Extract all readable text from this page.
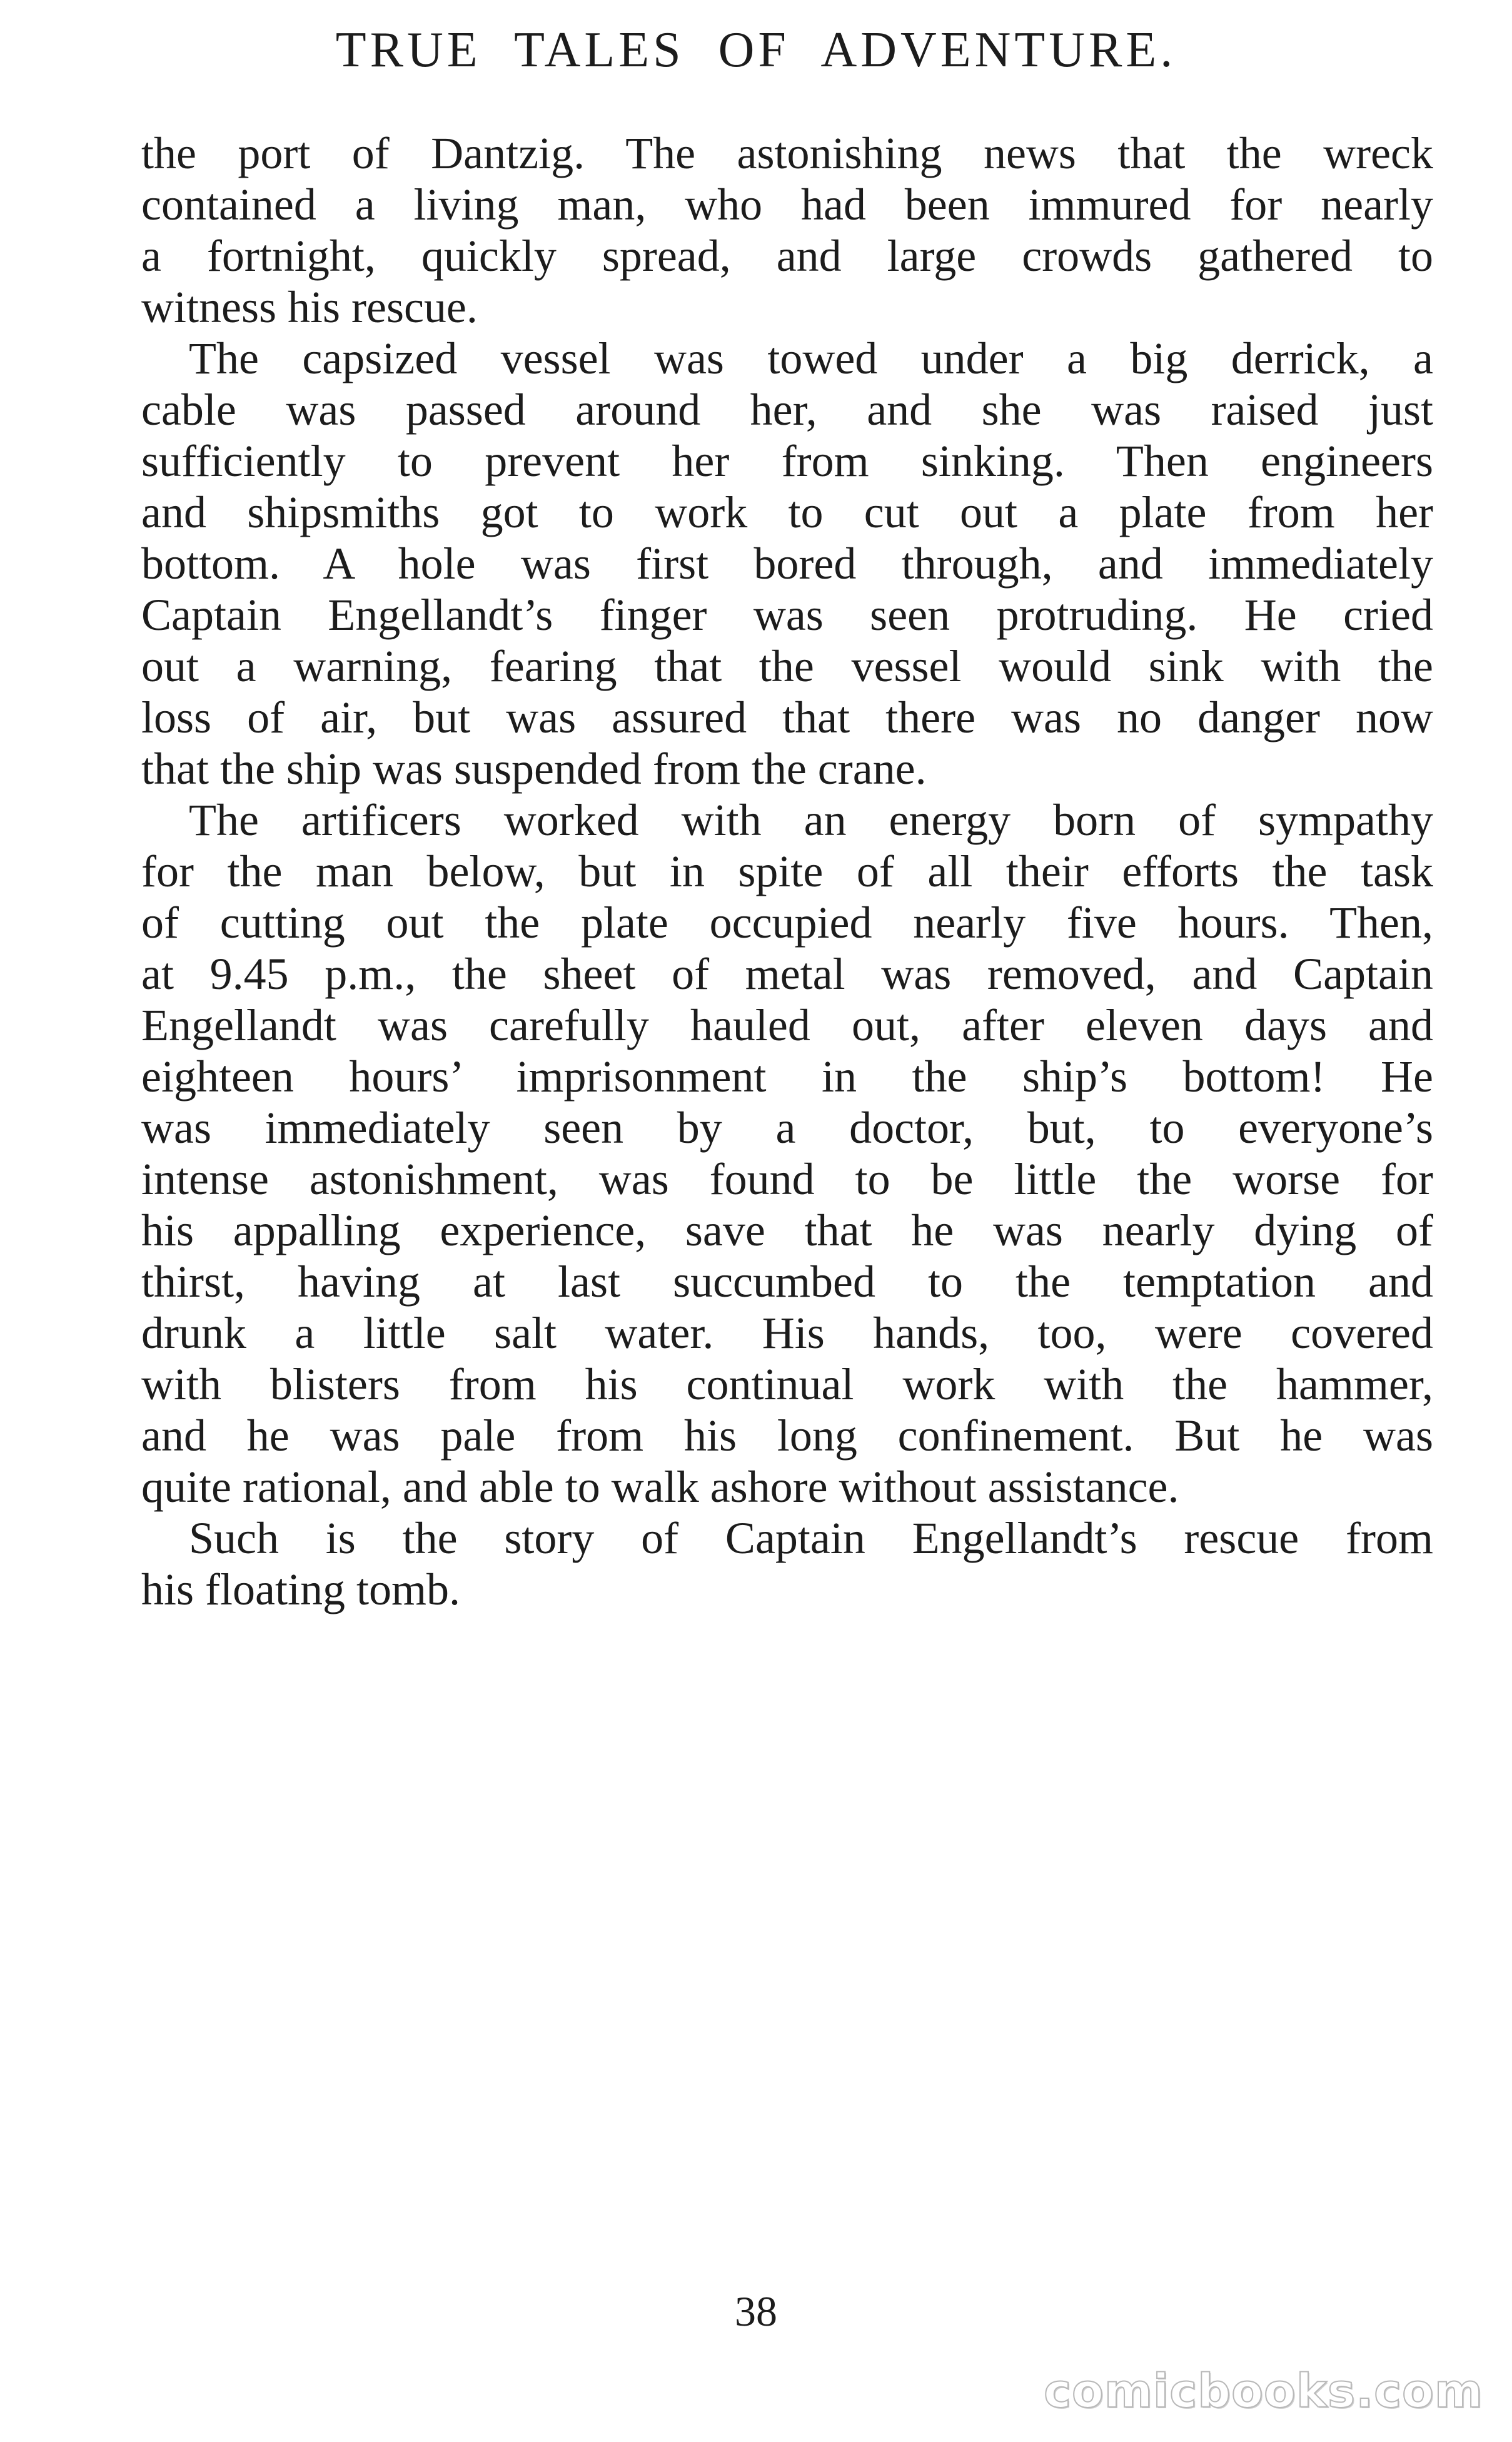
TRUE TALES OF ADVENTURE.
the port of Dantzig. The astonishing news that the wreck
contained a living man, who had been immured for nearly
a fortnight, quickly spread, and large crowds gathered to
witness his rescue.
The capsized vessel was towed under a big derrick, a
cable was passed around her, and she was raised just
sufficiently to prevent her from sinking. Then engineers
and shipsmiths got to work to cut out a plate from her
bottom. A hole was first bored through, and immediately
Captain Engellandt’s finger was seen protruding. He cried
out a warning, fearing that the vessel would sink with the
loss of air, but was assured that there was no danger now
that the ship was suspended from the crane.
The artificers worked with an energy born of sympathy
for the man below, but in spite of all their efforts the task
of cutting out the plate occupied nearly five hours. Then,
at 9.45 p.m., the sheet of metal was removed, and Captain
Engellandt was carefully hauled out, after eleven days and
eighteen hours’ imprisonment in the ship’s bottom! He
was immediately seen by a doctor, but, to everyone’s
intense astonishment, was found to be little the worse for
his appalling experience, save that he was nearly dying of
thirst, having at last succumbed to the temptation and
drunk a little salt water. His hands, too, were covered
with blisters from his continual work with the hammer,
and he was pale from his long confinement. But he was
quite rational, and able to walk ashore without assistance.
Such is the story of Captain Engellandt’s rescue from
his floating tomb.
38
comicbooks.com
